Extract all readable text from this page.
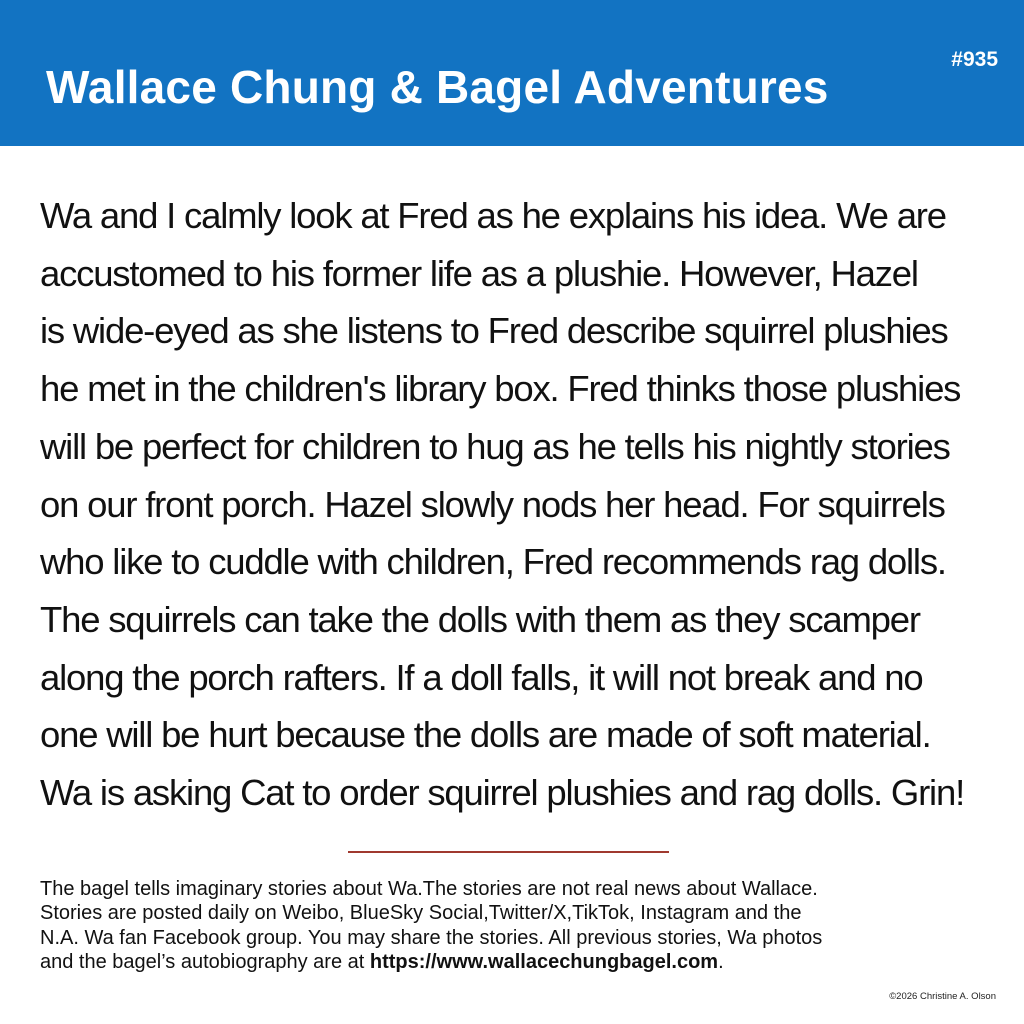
Wallace Chung & Bagel Adventures
#935
Wa and I calmly look at Fred as he explains his idea. We are
accustomed to his former life as a plushie. However, Hazel
is wide-eyed as she listens to Fred describe squirrel plushies
he met in the children's library box. Fred thinks those plushies
will be perfect for children to hug as he tells his nightly stories
on our front porch. Hazel slowly nods her head. For squirrels
who like to cuddle with children, Fred recommends rag dolls.
The squirrels can take the dolls with them as they scamper
along the porch rafters. If a doll falls, it will not break and no
one will be hurt because the dolls are made of soft material.
Wa is asking Cat to order squirrel plushies and rag dolls. Grin!
The bagel tells imaginary stories about Wa.The stories are not real news about Wallace.
Stories are posted daily on Weibo, BlueSky Social,Twitter/X,TikTok, Instagram and the
N.A. Wa fan Facebook group. You may share the stories. All previous stories, Wa photos
and the bagel’s autobiography are at https://www.wallacechungbagel.com.
©2026 Christine A. Olson
